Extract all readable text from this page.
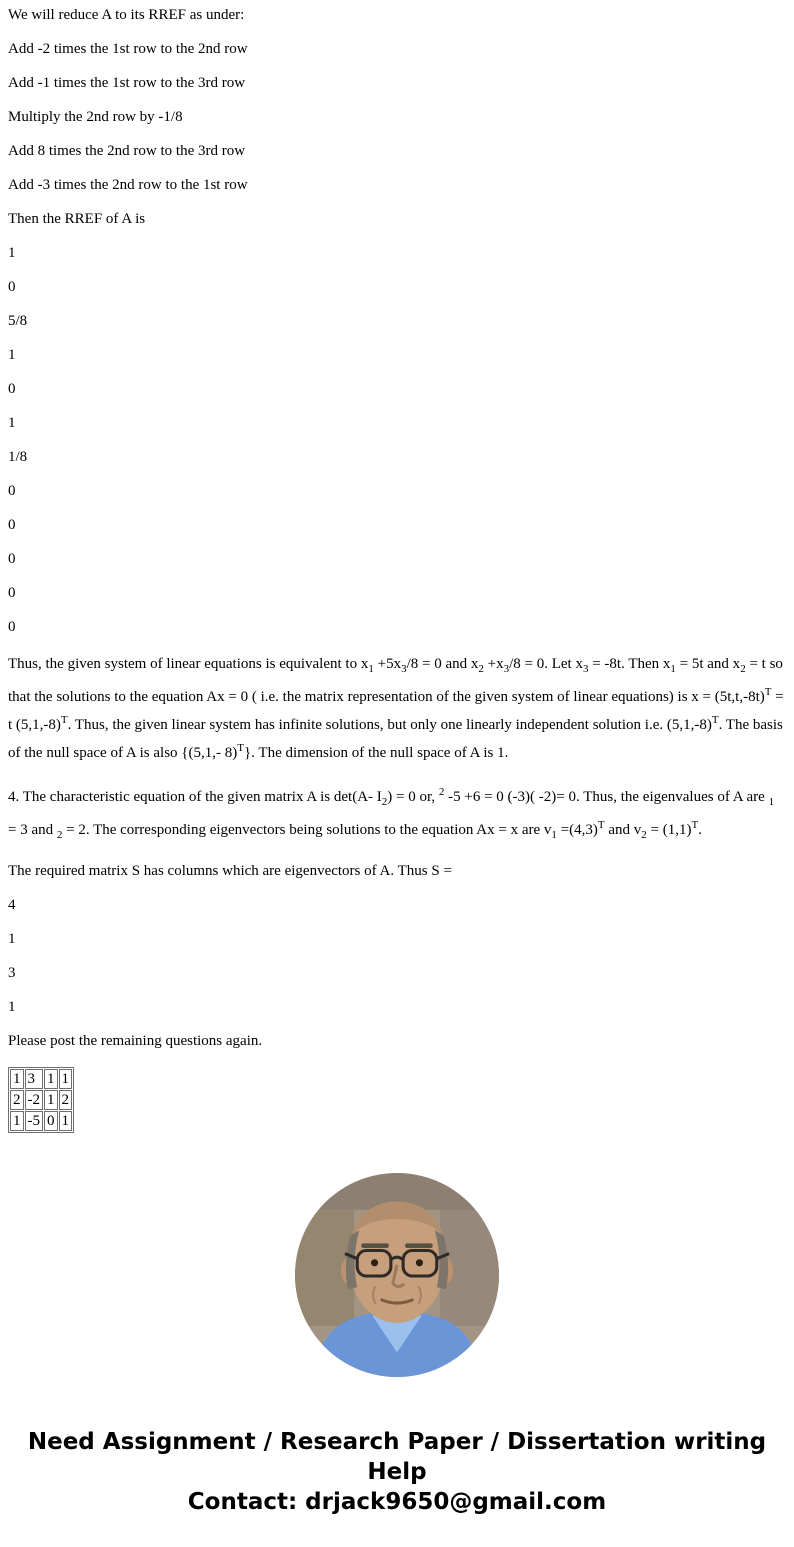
We will reduce A to its RREF as under:
Add -2 times the 1st row to the 2nd row
Add -1 times the 1st row to the 3rd row
Multiply the 2nd row by -1/8
Add 8 times the 2nd row to the 3rd row
Add -3 times the 2nd row to the 1st row
Then the RREF of A is
1
0
5/8
1
0
1
1/8
0
0
0
0
0

Thus, the given system of linear equations is equivalent to $x_1 +5x_3/8 = 0$ and $x_2 +x_3/8 = 0$. Let $x_3 = -8t$. Then $x_1 = 5t$ and $x_2 = t$ so that the solutions to the equation Ax = 0 ( i.e. the matrix representation of the given system of linear equations) is $x = (5t,t,-8t)^T = t$ $(5,1,-8)^T$. Thus, the given linear system has infinite solutions, but only one linearly independent solution i.e. $(5,1,-8)^T$. The basis of the null space of A is also {(5,1,- 8)$^T$}. The dimension of the null space of A is 1.

4. The characteristic equation of the given matrix A is det(A- $I_2) = 0$ or, $^2$ -5 +6 = 0 (-3)( -2)= 0. Thus, the eigenvalues of A are $_1$ = 3 and $_2$ = 2. The corresponding eigenvectors being solutions to the equation Ax = x are $v_1 =(4,3)^T$ and $v_2 = (1,1)^T$.

The required matrix S has columns which are eigenvectors of A. Thus S =
4
1
3
1
Please post the remaining questions again.
1	3	1	1
2	-2	1	2
1	-5	0	1
Need Assignment / Research Paper / Dissertation writing Help
Contact: drjack9650@gmail.com
